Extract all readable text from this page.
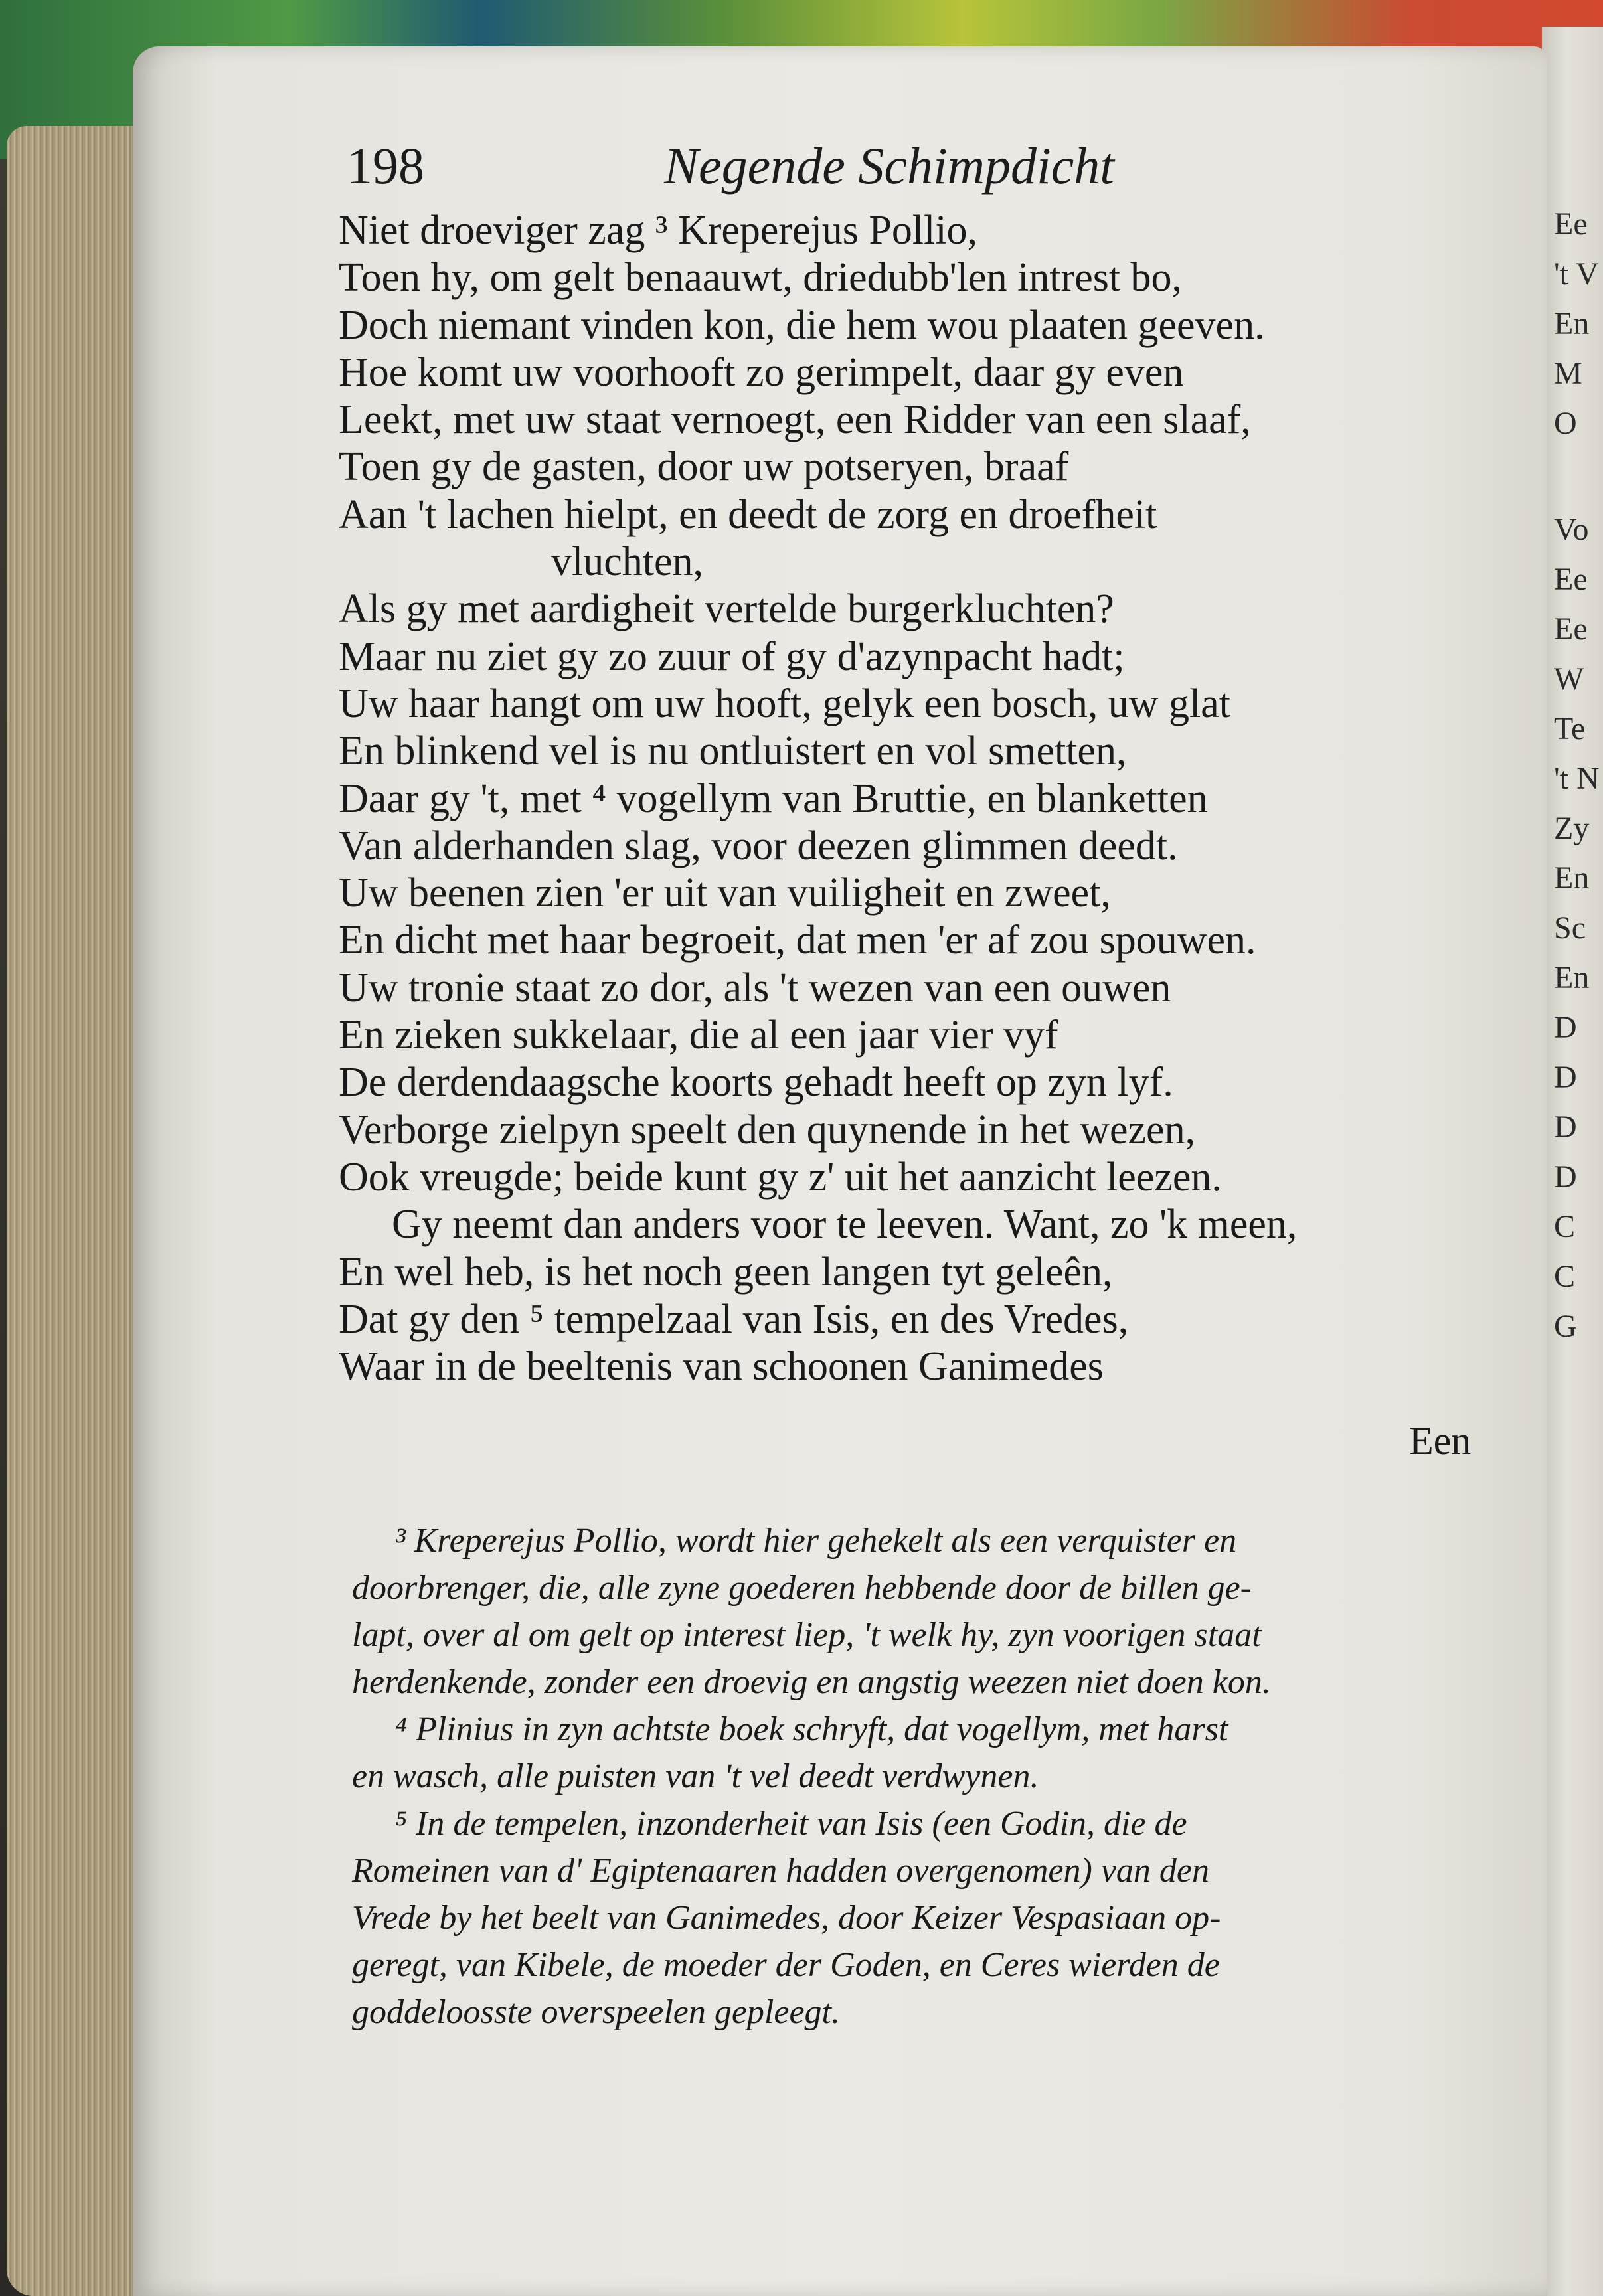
Ee
't V
En
M
O
Vo
Ee
Ee
W
Te
't N
Zy
En
Sc
En
D
D
D
D
C
C
G
198	Negende Schimpdicht
Niet droeviger zag ³ Kreperejus Pollio,
Toen hy, om gelt benaauwt, driedubb'len intrest bo,
Doch niemant vinden kon, die hem wou plaaten geeven.
Hoe komt uw voorhooft zo gerimpelt, daar gy even
Leekt, met uw staat vernoegt, een Ridder van een slaaf,
Toen gy de gasten, door uw potseryen, braaf
Aan 't lachen hielpt, en deedt de zorg en droefheit
vluchten,
Als gy met aardigheit vertelde burgerkluchten?
Maar nu ziet gy zo zuur of gy d'azynpacht hadt;
Uw haar hangt om uw hooft, gelyk een bosch, uw glat
En blinkend vel is nu ontluistert en vol smetten,
Daar gy 't, met ⁴ vogellym van Bruttie, en blanketten
Van alderhanden slag, voor deezen glimmen deedt.
Uw beenen zien 'er uit van vuiligheit en zweet,
En dicht met haar begroeit, dat men 'er af zou spouwen.
Uw tronie staat zo dor, als 't wezen van een ouwen
En zieken sukkelaar, die al een jaar vier vyf
De derdendaagsche koorts gehadt heeft op zyn lyf.
Verborge zielpyn speelt den quynende in het wezen,
Ook vreugde; beide kunt gy z' uit het aanzicht leezen.
Gy neemt dan anders voor te leeven. Want, zo 'k meen,
En wel heb, is het noch geen langen tyt geleên,
Dat gy den ⁵ tempelzaal van Isis, en des Vredes,
Waar in de beeltenis van schoonen Ganimedes
Een
³ Kreperejus Pollio, wordt hier gehekelt als een verquister en
doorbrenger, die, alle zyne goederen hebbende door de billen ge-
lapt, over al om gelt op interest liep, 't welk hy, zyn voorigen staat
herdenkende, zonder een droevig en angstig weezen niet doen kon.
⁴ Plinius in zyn achtste boek schryft, dat vogellym, met harst
en wasch, alle puisten van 't vel deedt verdwynen.
⁵ In de tempelen, inzonderheit van Isis (een Godin, die de
Romeinen van d' Egiptenaaren hadden overgenomen) van den
Vrede by het beelt van Ganimedes, door Keizer Vespasiaan op-
geregt, van Kibele, de moeder der Goden, en Ceres wierden de
goddeloosste overspeelen gepleegt.
